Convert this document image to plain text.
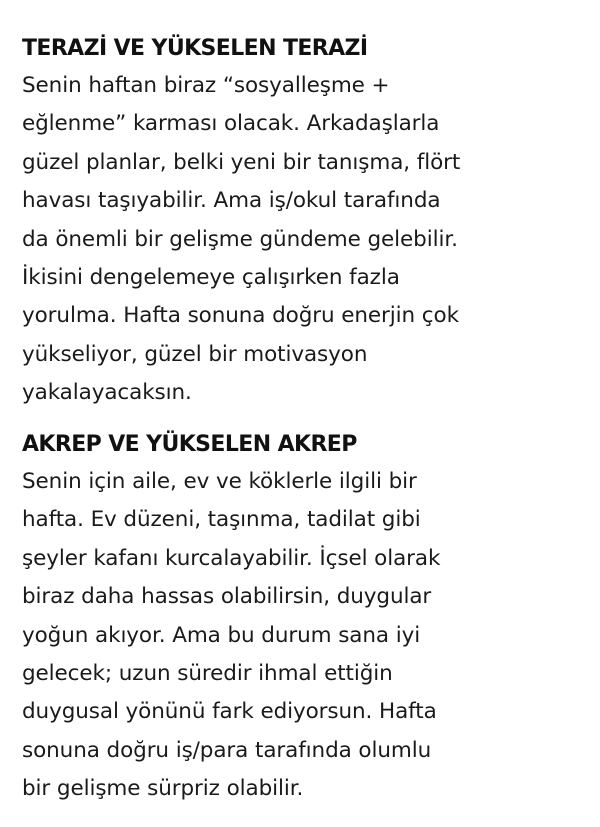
TERAZİ VE YÜKSELEN TERAZİ
Senin haftan biraz “sosyalleşme +
eğlenme” karması olacak. Arkadaşlarla
güzel planlar, belki yeni bir tanışma, flört
havası taşıyabilir. Ama iş/okul tarafında
da önemli bir gelişme gündeme gelebilir.
İkisini dengelemeye çalışırken fazla
yorulma. Hafta sonuna doğru enerjin çok
yükseliyor, güzel bir motivasyon
yakalayacaksın.
AKREP VE YÜKSELEN AKREP
Senin için aile, ev ve köklerle ilgili bir
hafta. Ev düzeni, taşınma, tadilat gibi
şeyler kafanı kurcalayabilir. İçsel olarak
biraz daha hassas olabilirsin, duygular
yoğun akıyor. Ama bu durum sana iyi
gelecek; uzun süredir ihmal ettiğin
duygusal yönünü fark ediyorsun. Hafta
sonuna doğru iş/para tarafında olumlu
bir gelişme sürpriz olabilir.
